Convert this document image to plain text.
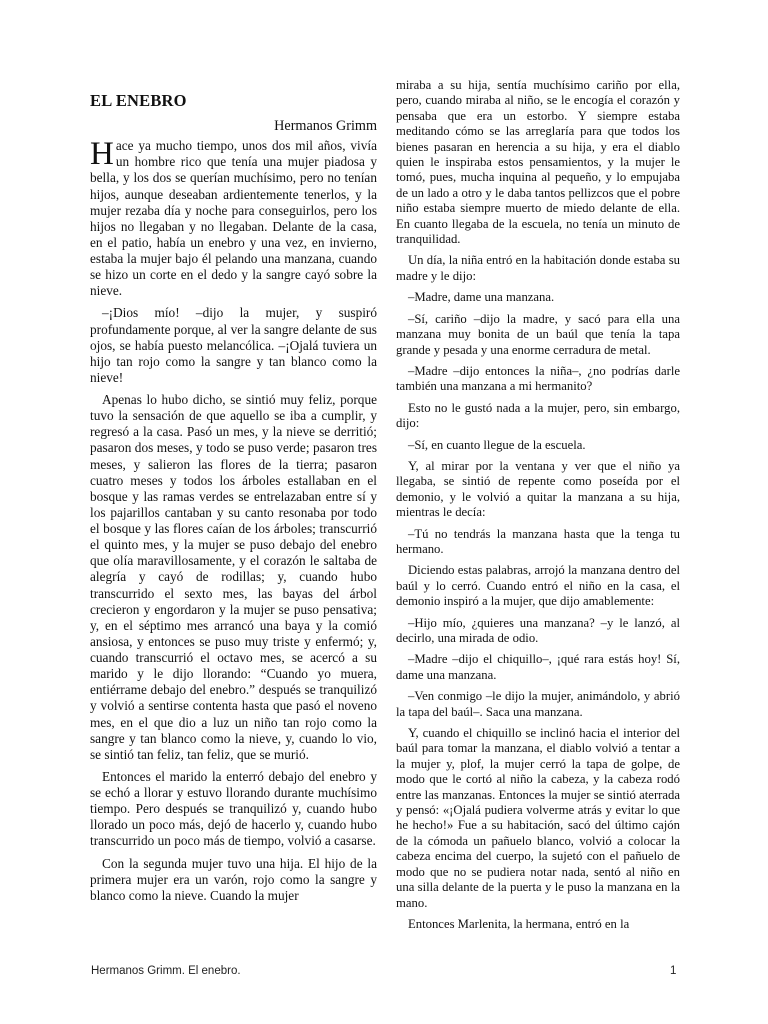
EL ENEBRO
Hermanos Grimm

Hace ya mucho tiempo, unos dos mil años, vivía un hombre rico que tenía una mujer piadosa y bella, y los dos se querían muchísimo, pero no tenían hijos, aunque deseaban ardientemente tenerlos, y la mujer rezaba día y noche para conseguirlos, pero los hijos no llegaban y no llegaban. Delante de la casa, en el patio, había un enebro y una vez, en invierno, estaba la mujer bajo él pelando una manzana, cuando se hizo un corte en el dedo y la sangre cayó sobre la nieve.

–¡Dios mío! –dijo la mujer, y suspiró profundamente porque, al ver la sangre delante de sus ojos, se había puesto melancólica. –¡Ojalá tuviera un hijo tan rojo como la sangre y tan blanco como la nieve!

Apenas lo hubo dicho, se sintió muy feliz, porque tuvo la sensación de que aquello se iba a cumplir, y regresó a la casa. Pasó un mes, y la nieve se derritió; pasaron dos meses, y todo se puso verde; pasaron tres meses, y salieron las flores de la tierra; pasaron cuatro meses y todos los árboles estallaban en el bosque y las ramas verdes se entrelazaban entre sí y los pajarillos cantaban y su canto resonaba por todo el bosque y las flores caían de los árboles; transcurrió el quinto mes, y la mujer se puso debajo del enebro que olía maravillosamente, y el corazón le saltaba de alegría y cayó de rodillas; y, cuando hubo transcurrido el sexto mes, las bayas del árbol crecieron y engordaron y la mujer se puso pensativa; y, en el séptimo mes arrancó una baya y la comió ansiosa, y entonces se puso muy triste y enfermó; y, cuando transcurrió el octavo mes, se acercó a su marido y le dijo llorando: “Cuando yo muera, entiérrame debajo del enebro.” después se tranquilizó y volvió a sentirse contenta hasta que pasó el noveno mes, en el que dio a luz un niño tan rojo como la sangre y tan blanco como la nieve, y, cuando lo vio, se sintió tan feliz, tan feliz, que se murió.

Entonces el marido la enterró debajo del enebro y se echó a llorar y estuvo llorando durante muchísimo tiempo. Pero después se tranquilizó y, cuando hubo llorado un poco más, dejó de hacerlo y, cuando hubo transcurrido un poco más de tiempo, volvió a casarse.

Con la segunda mujer tuvo una hija. El hijo de la primera mujer era un varón, rojo como la sangre y blanco como la nieve. Cuando la mujer

miraba a su hija, sentía muchísimo cariño por ella, pero, cuando miraba al niño, se le encogía el corazón y pensaba que era un estorbo. Y siempre estaba meditando cómo se las arreglaría para que todos los bienes pasaran en herencia a su hija, y era el diablo quien le inspiraba estos pensamientos, y la mujer le tomó, pues, mucha inquina al pequeño, y lo empujaba de un lado a otro y le daba tantos pellizcos que el pobre niño estaba siempre muerto de miedo delante de ella. En cuanto llegaba de la escuela, no tenía un minuto de tranquilidad.

Un día, la niña entró en la habitación donde estaba su madre y le dijo:

–Madre, dame una manzana.

–Sí, cariño –dijo la madre, y sacó para ella una manzana muy bonita de un baúl que tenía la tapa grande y pesada y una enorme cerradura de metal.

–Madre –dijo entonces la niña–, ¿no podrías darle también una manzana a mi hermanito?

Esto no le gustó nada a la mujer, pero, sin embargo, dijo:

–Sí, en cuanto llegue de la escuela.

Y, al mirar por la ventana y ver que el niño ya llegaba, se sintió de repente como poseída por el demonio, y le volvió a quitar la manzana a su hija, mientras le decía:

–Tú no tendrás la manzana hasta que la tenga tu hermano.

Diciendo estas palabras, arrojó la manzana dentro del baúl y lo cerró. Cuando entró el niño en la casa, el demonio inspiró a la mujer, que dijo amablemente:

–Hijo mío, ¿quieres una manzana? –y le lanzó, al decirlo, una mirada de odio.

–Madre –dijo el chiquillo–, ¡qué rara estás hoy! Sí, dame una manzana.

–Ven conmigo –le dijo la mujer, animándolo, y abrió la tapa del baúl–. Saca una manzana.

Y, cuando el chiquillo se inclinó hacia el interior del baúl para tomar la manzana, el diablo volvió a tentar a la mujer y, plof, la mujer cerró la tapa de golpe, de modo que le cortó al niño la cabeza, y la cabeza rodó entre las manzanas. Entonces la mujer se sintió aterrada y pensó: «¡Ojalá pudiera volverme atrás y evitar lo que he hecho!» Fue a su habitación, sacó del último cajón de la cómoda un pañuelo blanco, volvió a colocar la cabeza encima del cuerpo, la sujetó con el pañuelo de modo que no se pudiera notar nada, sentó al niño en una silla delante de la puerta y le puso la manzana en la mano.

Entonces Marlenita, la hermana, entró en la

Hermanos Grimm. El enebro.	1
